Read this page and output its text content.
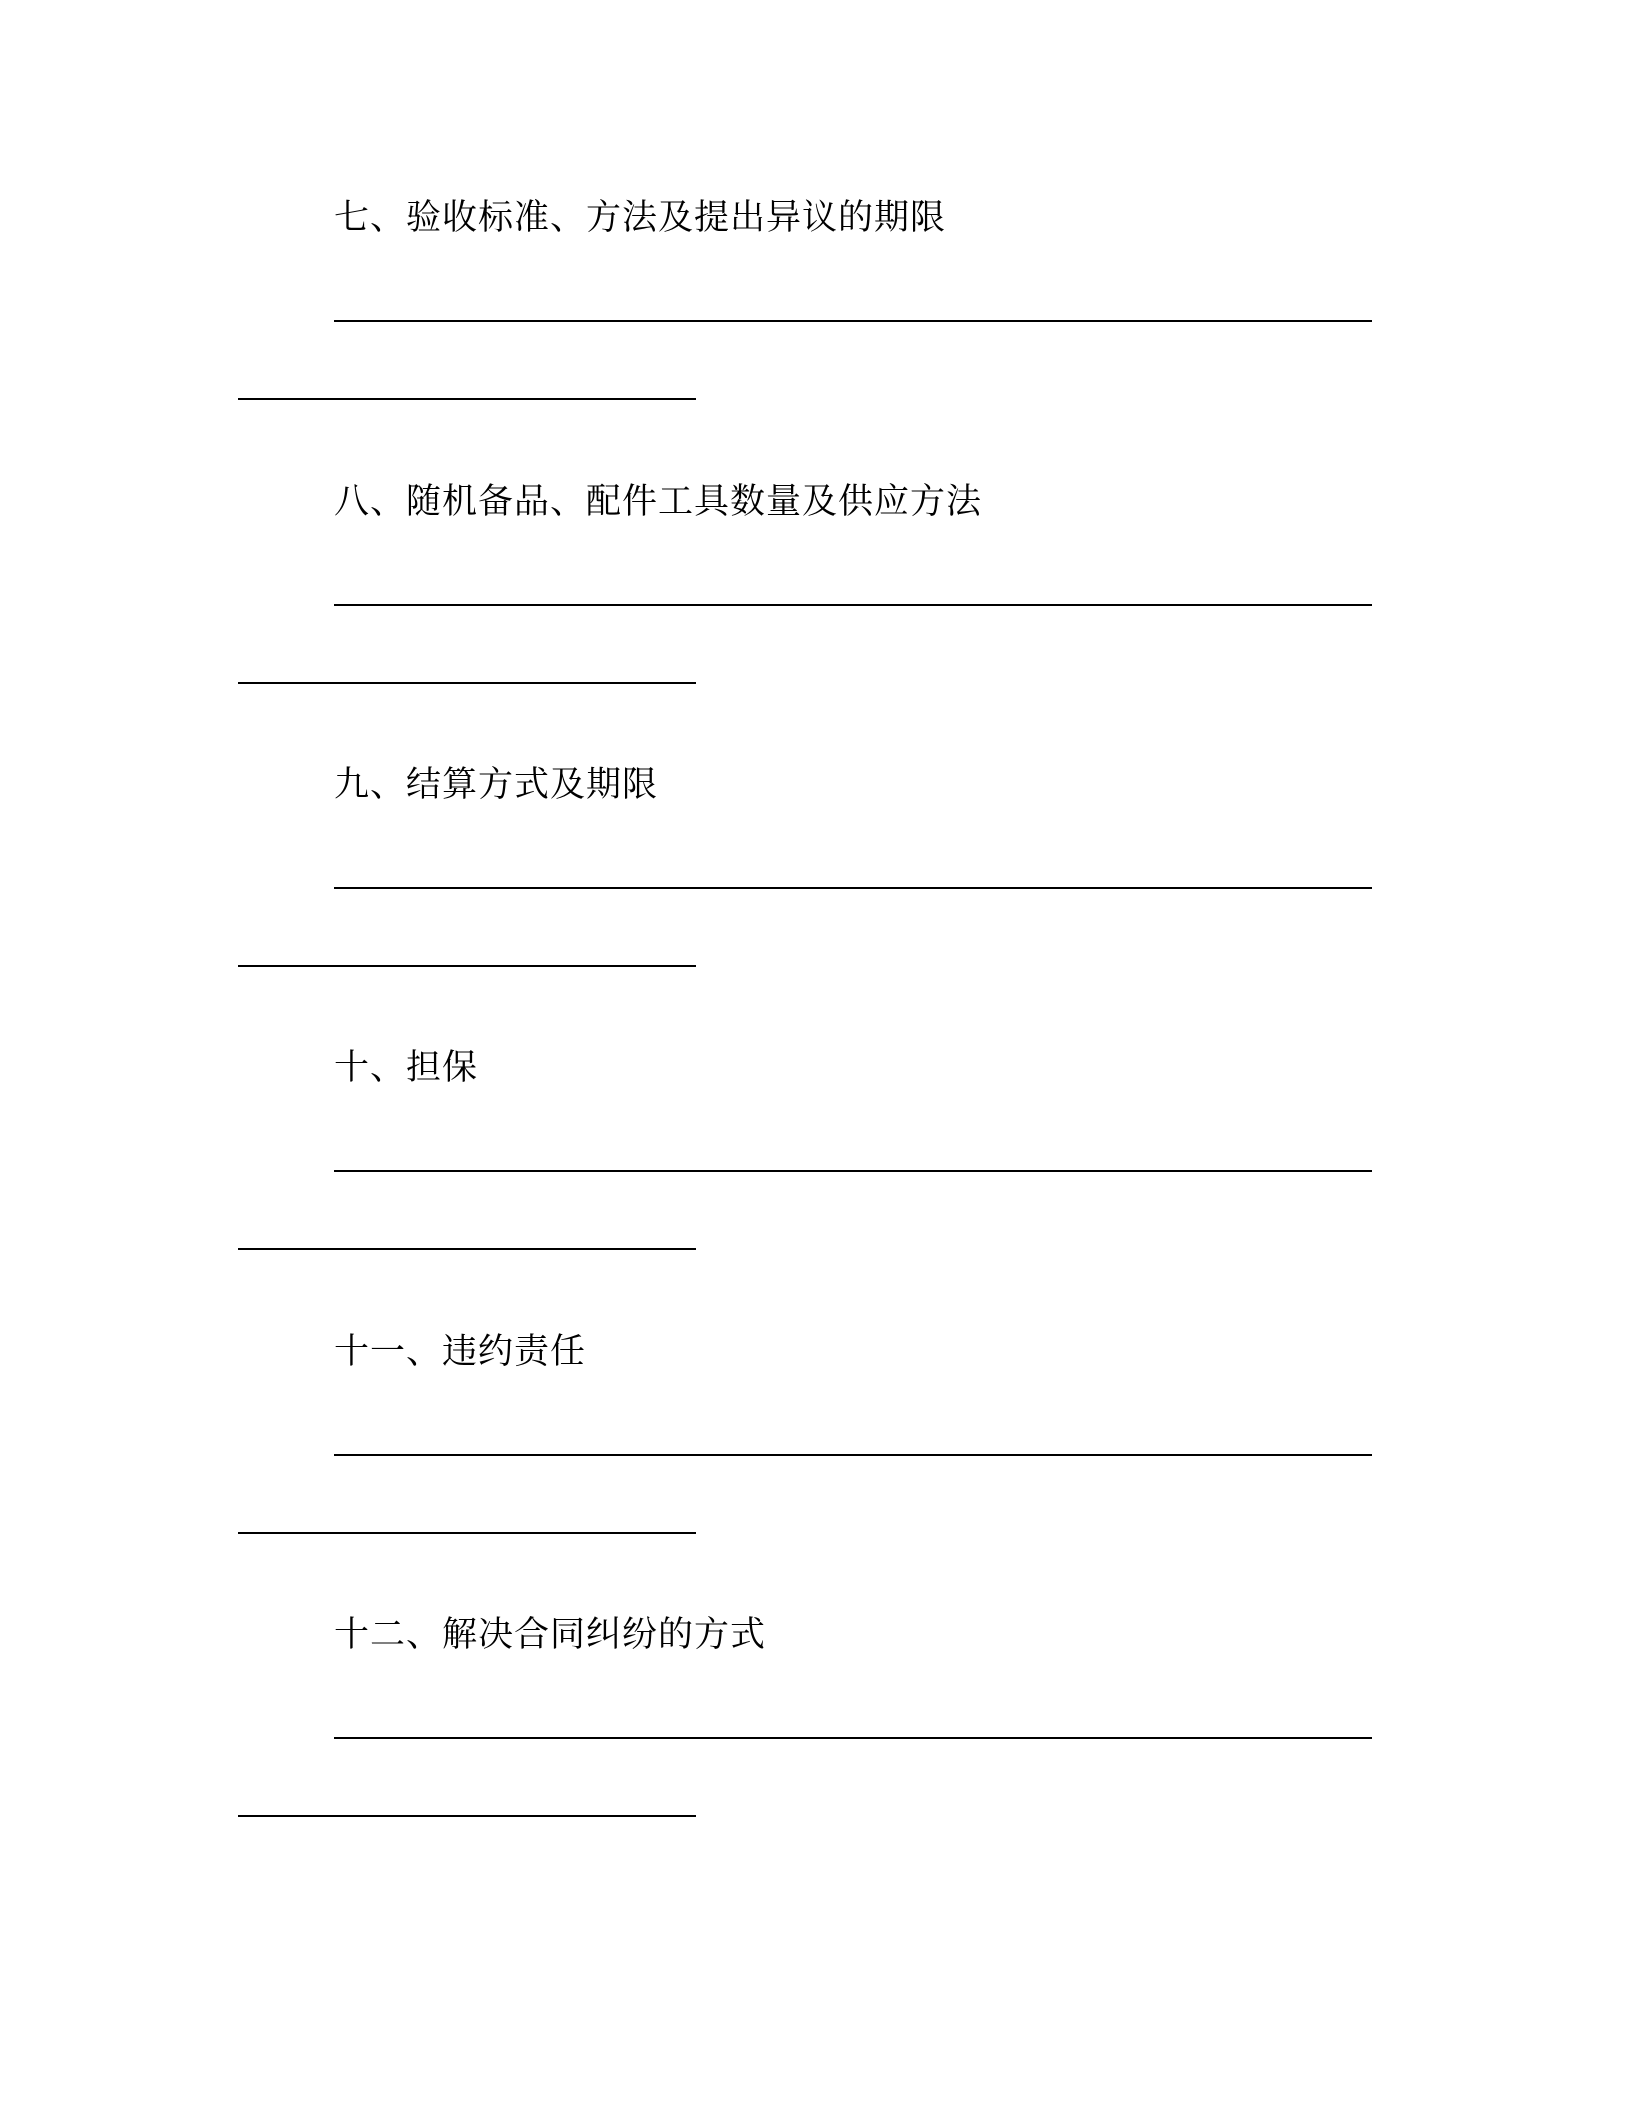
七、验收标准、方法及提出异议的期限
八、随机备品、配件工具数量及供应方法
九、结算方式及期限
十、担保
十一、违约责任
十二、解决合同纠纷的方式
